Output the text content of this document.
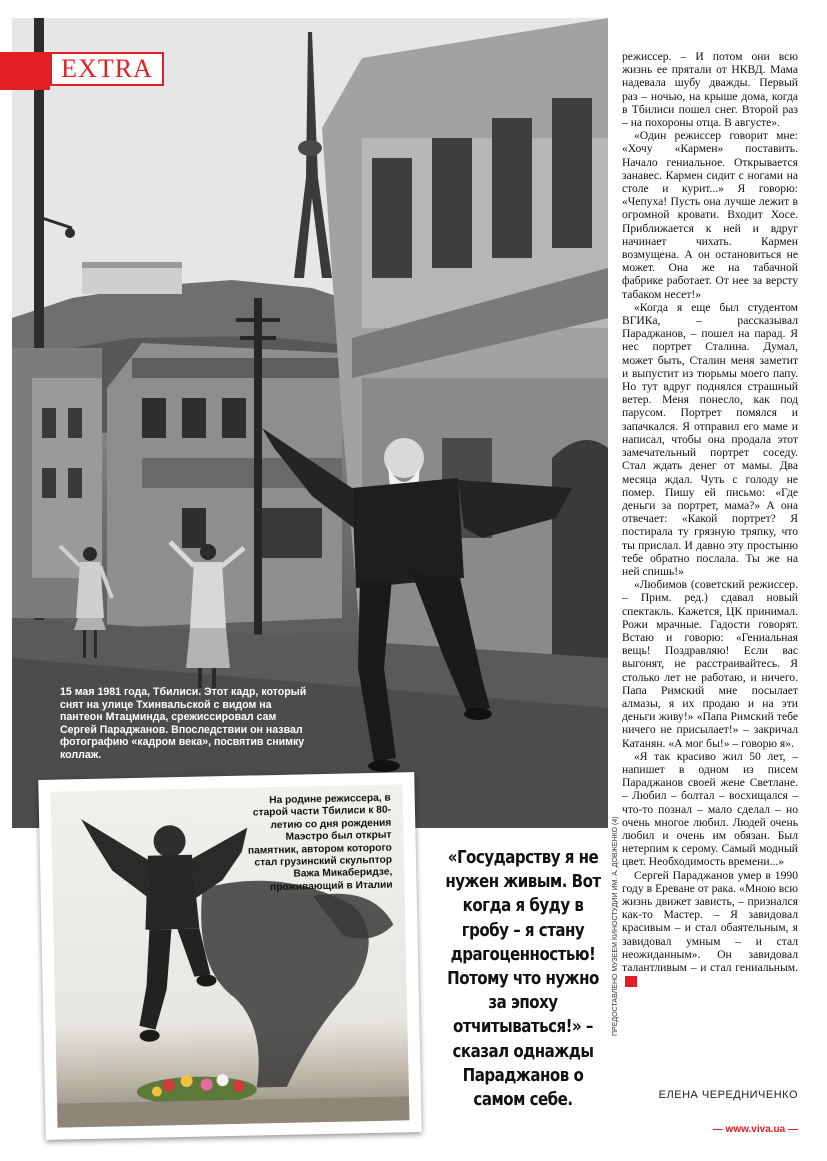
EXTRA
15 мая 1981 года, Тбилиси. Этот кадр, который снят на улице Тхинвальской с видом на пантеон Мтацминда, срежиссировал сам Сергей Параджанов. Впоследствии он назвал фотографию «кадром века», посвятив снимку коллаж.
ПРЕДОСТАВЛЕНО МУЗЕЕМ КИНОСТУДИИ ИМ. А. ДОВЖЕНКО (4)

режиссер. – И потом они всю жизнь ее прятали от НКВД. Мама надевала шубу дважды. Первый раз – ночью, на крыше дома, когда в Тбилиси пошел снег. Второй раз – на похороны отца. В августе».

«Один режиссер говорит мне: «Хочу «Кармен» поставить. Начало гениальное. Открывается занавес. Кармен сидит с ногами на столе и курит...» Я говорю: «Чепуха! Пусть она лучше лежит в огромной кровати. Входит Хосе. Приближается к ней и вдруг начинает чихать. Кармен возмущена. А он остановиться не может. Она же на табачной фабрике работает. От нее за версту табаком несет!»

«Когда я еще был студентом ВГИКа, – рассказывал Параджанов, – пошел на парад. Я нес портрет Сталина. Думал, может быть, Сталин меня заметит и выпустит из тюрьмы моего папу. Но тут вдруг поднялся страшный ветер. Меня понесло, как под парусом. Портрет помялся и запачкался. Я отправил его маме и написал, чтобы она продала этот замечательный портрет соседу. Стал ждать денег от мамы. Два месяца ждал. Чуть с голоду не помер. Пишу ей письмо: «Где деньги за портрет, мама?» А она отвечает: «Какой портрет? Я постирала ту грязную тряпку, что ты прислал. И давно эту простыню тебе обратно послала. Ты же на ней спишь!»

«Любимов (советский режиссер. – Прим. ред.) сдавал новый спектакль. Кажется, ЦК принимал. Рожи мрачные. Гадости говорят. Встаю и говорю: «Гениальная вещь! Поздравляю! Если вас выгонят, не расстраивайтесь. Я столько лет не работаю, и ничего. Папа Римский мне посылает алмазы, я их продаю и на эти деньги живу!» «Папа Римский тебе ничего не присылает!» – закричал Катанян. «А мог бы!» – говорю я».

«Я так красиво жил 50 лет, – напишет в одном из писем Параджанов своей жене Светлане. – Любил – болтал – восхищался – что-то познал – мало сделал – но очень многое любил. Людей очень любил и очень им обязан. Был нетерпим к серому. Самый модный цвет. Необходимость времени...»

Сергей Параджанов умер в 1990 году в Ереване от рака. «Мною всю жизнь движет зависть, – признался как-то Мастер. – Я завидовал красивым – и стал обаятельным, я завидовал умным – и стал неожиданным». Он завидовал талантливым – и стал гениальным.V

ЕЛЕНА ЧЕРЕДНИЧЕНКО
— www.viva.ua —
На родине режиссера, в старой части Тбилиси к 80-летию со дня рождения Маэстро был открыт памятник, автором которого стал грузинский скульптор Важа Микаберидзе, проживающий в Италии
«Государству я не нужен живым. Вот когда я буду в гробу – я стану драгоценностью! Потому что нужно за эпоху отчитываться!» – сказал однажды Параджанов о самом себе.
